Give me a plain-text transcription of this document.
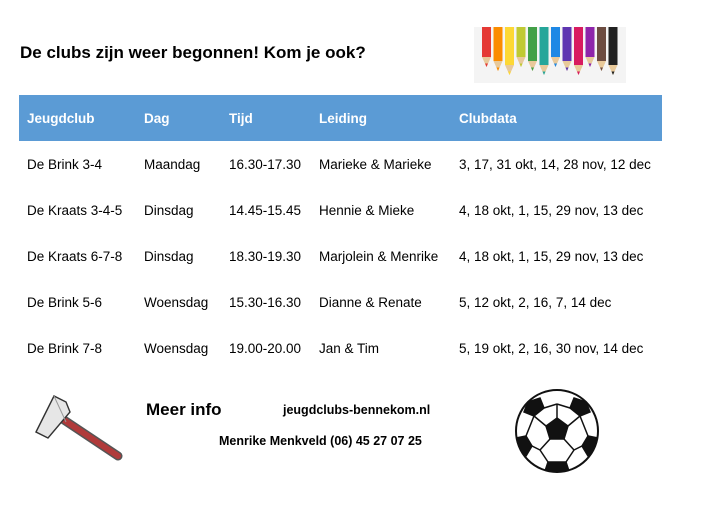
De clubs zijn weer begonnen! Kom je ook?
Jeugdclub	Dag	Tijd	Leiding	Clubdata
De Brink 3-4	Maandag	16.30-17.30	Marieke & Marieke	3, 17, 31 okt, 14, 28 nov, 12 dec
De Kraats 3-4-5	Dinsdag	14.45-15.45	Hennie & Mieke	4, 18 okt, 1, 15, 29 nov, 13 dec
De Kraats 6-7-8	Dinsdag	18.30-19.30	Marjolein & Menrike	4, 18 okt, 1, 15, 29 nov, 13 dec
De Brink 5-6	Woensdag	15.30-16.30	Dianne & Renate	5, 12 okt, 2, 16, 7, 14 dec
De Brink 7-8	Woensdag	19.00-20.00	Jan & Tim	5, 19 okt, 2, 16, 30 nov, 14 dec
Meer info	jeugdclubs-bennekom.nl
Menrike Menkveld (06) 45 27 07 25
